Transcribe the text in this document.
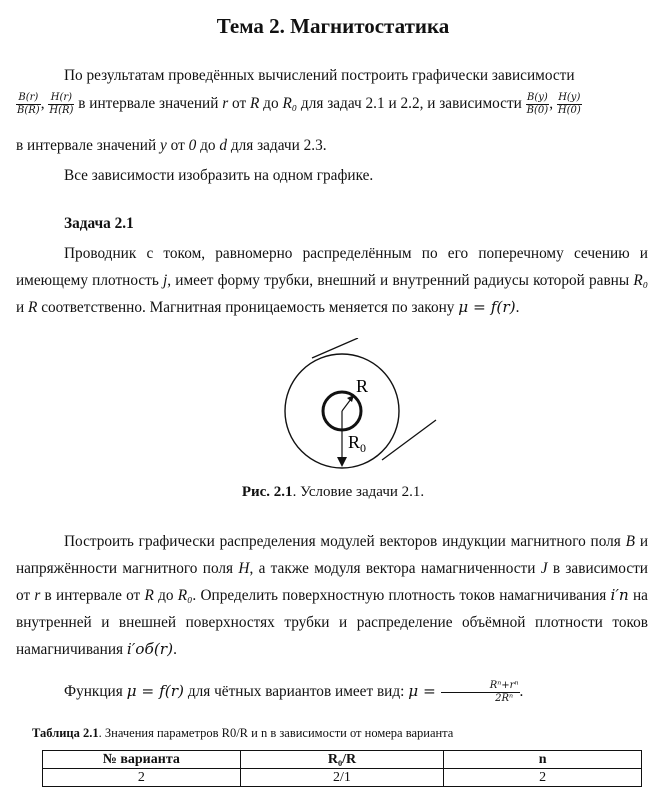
Тема 2. Магнитостатика
По результатам проведённых вычислений построить графически зависимости
$\frac{B(r)}{B(R)}$ , $\frac{H(r)}{H(R)}$ в интервале значений r от R до R₀ для задач 2.1 и 2.2, и зависимости $\frac{B(y)}{B(0)}$ , $\frac{H(y)}{H(0)}$
в интервале значений y от 0 до d для задачи 2.3.
Все зависимости изобразить на одном графике.
Задача 2.1
Проводник с током, равномерно распределённым по его поперечному сечению и имеющему плотность j, имеет форму трубки, внешний и внутренний радиусы которой равны R₀ и R соответственно. Магнитная проницаемость меняется по закону μ = f(r).
R
$R_0$
Рис. 2.1. Условие задачи 2.1.
Построить графически распределения модулей векторов индукции магнитного поля B и напряжённости магнитного поля H, а также модуля вектора намагниченности J в зависимости от r в интервале от R до R₀. Определить поверхностную плотность токов намагничивания i′п на внутренней и внешней поверхностях трубки и распределение объёмной плотности токов намагничивания i′об(r).
Функция μ = f(r) для чётных вариантов имеет вид: $\mu = \frac{\text{Rⁿ+rⁿ}}{\text{2Rⁿ}}$ .
Таблица 2.1. Значения параметров R0/R и n в зависимости от номера варианта
№ варианта	R₀/R	n
2	2/1	2
